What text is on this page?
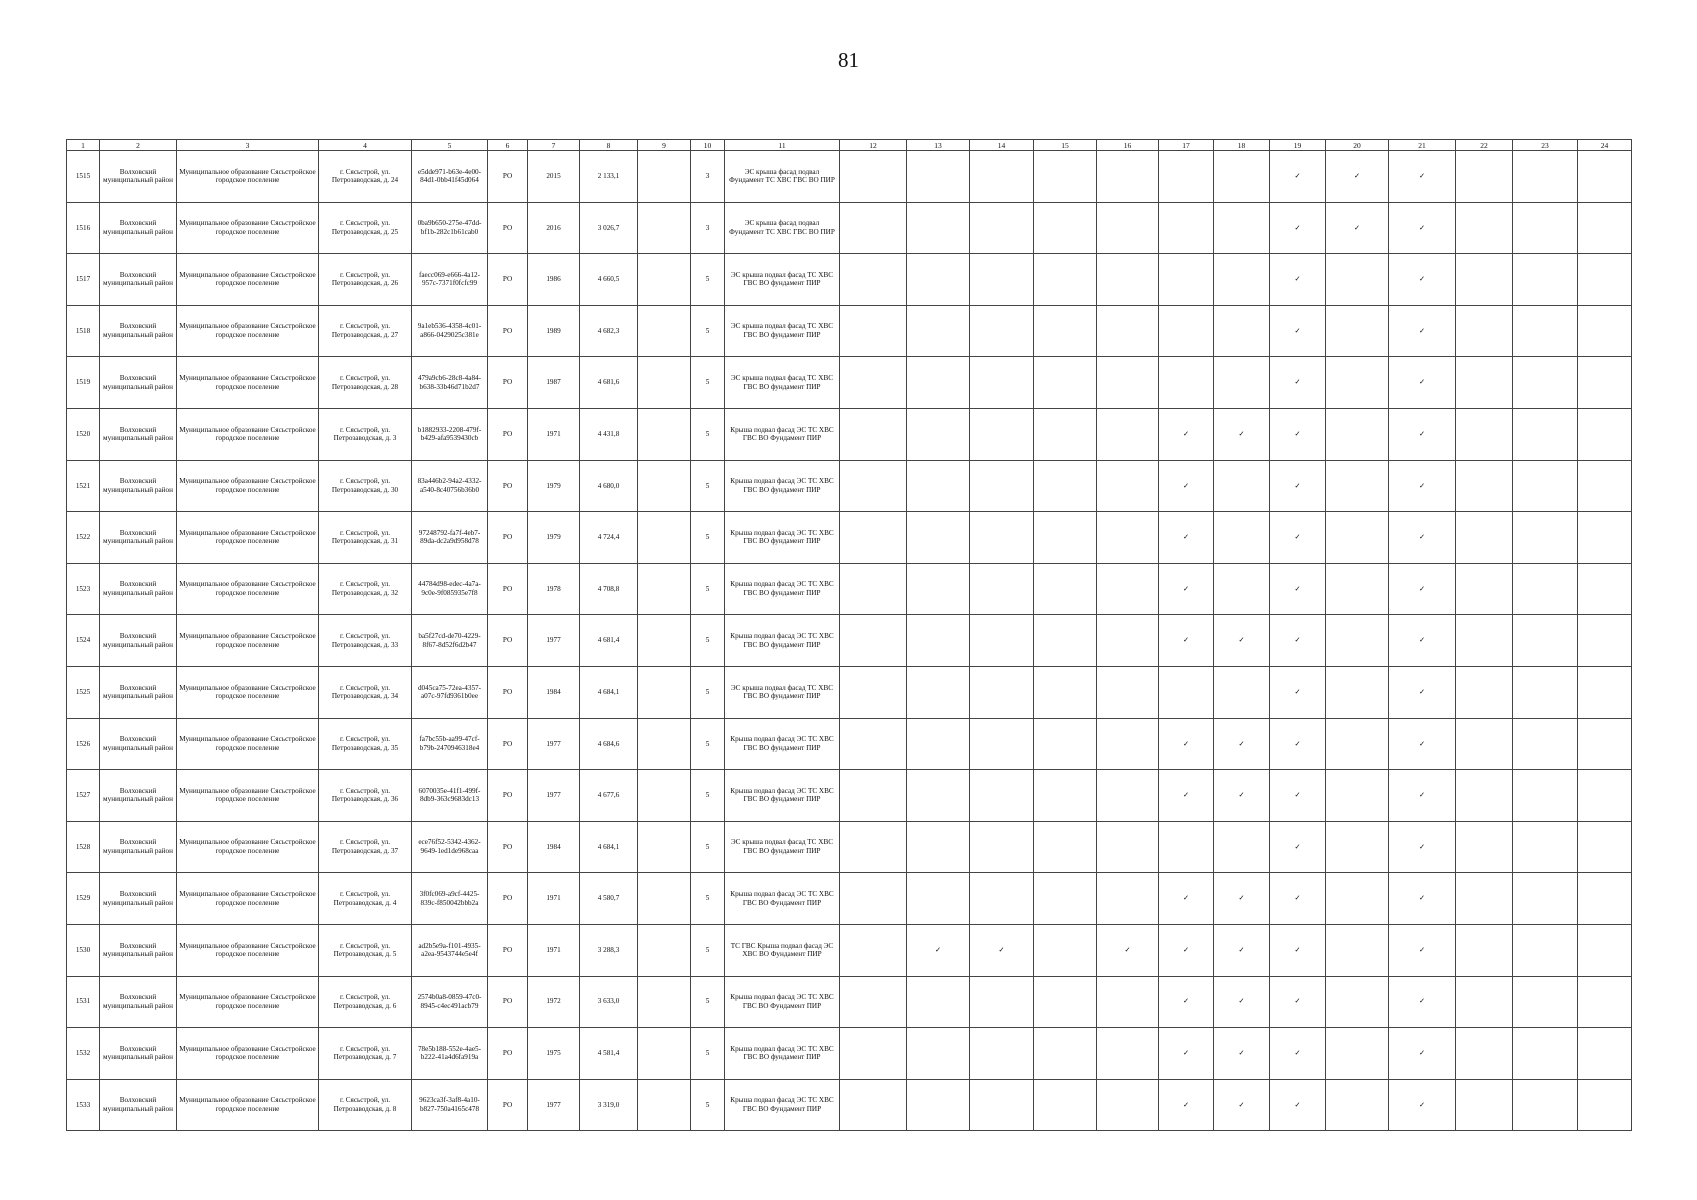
81
1	2	3	4	5	6	7	8	9	10	11	12	13	14	15	16	17	18	19	20	21	22	23	24
1515	Волховский муниципальный район	Муниципальное образование Сясьстройское городское поселение	г. Сясьстрой, ул. Петрозаводская, д. 24	e5dde971-b63e-4e00-84d1-0bb41f45d064	РО	2015	2 133,1		3	ЭС крыша фасад подвал Фундамент ТС ХВС ГВС ВО ПИР								✓	✓	✓			
1516	Волховский муниципальный район	Муниципальное образование Сясьстройское городское поселение	г. Сясьстрой, ул. Петрозаводская, д. 25	0ba9b650-275e-47dd-bf1b-282c1b61cab0	РО	2016	3 026,7		3	ЭС крыша фасад подвал Фундамент ТС ХВС ГВС ВО ПИР								✓	✓	✓			
1517	Волховский муниципальный район	Муниципальное образование Сясьстройское городское поселение	г. Сясьстрой, ул. Петрозаводская, д. 26	faecc069-e666-4a12-957c-7371f0fcfc99	РО	1986	4 660,5		5	ЭС крыша подвал фасад ТС ХВС ГВС ВО фундамент ПИР								✓		✓			
1518	Волховский муниципальный район	Муниципальное образование Сясьстройское городское поселение	г. Сясьстрой, ул. Петрозаводская, д. 27	9a1eb536-4358-4c01-a866-0429025c381e	РО	1989	4 682,3		5	ЭС крыша подвал фасад ТС ХВС ГВС ВО фундамент ПИР								✓		✓			
1519	Волховский муниципальный район	Муниципальное образование Сясьстройское городское поселение	г. Сясьстрой, ул. Петрозаводская, д. 28	479a9cb6-28c8-4a84-b638-33b46d71b2d7	РО	1987	4 681,6		5	ЭС крыша подвал фасад ТС ХВС ГВС ВО фундамент ПИР								✓		✓			
1520	Волховский муниципальный район	Муниципальное образование Сясьстройское городское поселение	г. Сясьстрой, ул. Петрозаводская, д. 3	b1882933-2208-479f-b429-afa9539430cb	РО	1971	4 431,8		5	Крыша подвал фасад ЭС ТС ХВС ГВС ВО Фундамент ПИР						✓	✓	✓		✓			
1521	Волховский муниципальный район	Муниципальное образование Сясьстройское городское поселение	г. Сясьстрой, ул. Петрозаводская, д. 30	83a446b2-94a2-4332-a540-8c40756b36b0	РО	1979	4 680,0		5	Крыша подвал фасад ЭС ТС ХВС ГВС ВО фундамент ПИР						✓		✓		✓			
1522	Волховский муниципальный район	Муниципальное образование Сясьстройское городское поселение	г. Сясьстрой, ул. Петрозаводская, д. 31	97248792-fa7f-4eb7-89da-dc2a9d958d78	РО	1979	4 724,4		5	Крыша подвал фасад ЭС ТС ХВС ГВС ВО фундамент ПИР						✓		✓		✓			
1523	Волховский муниципальный район	Муниципальное образование Сясьстройское городское поселение	г. Сясьстрой, ул. Петрозаводская, д. 32	44784d98-edec-4a7a-9c0e-9f085935e7f8	РО	1978	4 708,8		5	Крыша подвал фасад ЭС ТС ХВС ГВС ВО фундамент ПИР						✓		✓		✓			
1524	Волховский муниципальный район	Муниципальное образование Сясьстройское городское поселение	г. Сясьстрой, ул. Петрозаводская, д. 33	ba5f27cd-de70-4229-8f67-8d52f6d2b47	РО	1977	4 681,4		5	Крыша подвал фасад ЭС ТС ХВС ГВС ВО фундамент ПИР						✓	✓	✓		✓			
1525	Волховский муниципальный район	Муниципальное образование Сясьстройское городское поселение	г. Сясьстрой, ул. Петрозаводская, д. 34	d045ca75-72ea-4357-a07c-97fd9361b0ee	РО	1984	4 684,1		5	ЭС крыша подвал фасад ТС ХВС ГВС ВО фундамент ПИР								✓		✓			
1526	Волховский муниципальный район	Муниципальное образование Сясьстройское городское поселение	г. Сясьстрой, ул. Петрозаводская, д. 35	fa7bc55b-aa99-47cf-b79b-2470946318e4	РО	1977	4 684,6		5	Крыша подвал фасад ЭС ТС ХВС ГВС ВО фундамент ПИР						✓	✓	✓		✓			
1527	Волховский муниципальный район	Муниципальное образование Сясьстройское городское поселение	г. Сясьстрой, ул. Петрозаводская, д. 36	6070035e-41f1-499f-8db9-363c9683dc13	РО	1977	4 677,6		5	Крыша подвал фасад ЭС ТС ХВС ГВС ВО фундамент ПИР						✓	✓	✓		✓			
1528	Волховский муниципальный район	Муниципальное образование Сясьстройское городское поселение	г. Сясьстрой, ул. Петрозаводская, д. 37	ece76f52-5342-4362-9649-1ed1de968caa	РО	1984	4 684,1		5	ЭС крыша подвал фасад ТС ХВС ГВС ВО фундамент ПИР								✓		✓			
1529	Волховский муниципальный район	Муниципальное образование Сясьстройское городское поселение	г. Сясьстрой, ул. Петрозаводская, д. 4	3f0fc069-a9cf-4425-839c-f850042bbb2a	РО	1971	4 580,7		5	Крыша подвал фасад ЭС ТС ХВС ГВС ВО Фундамент ПИР						✓	✓	✓		✓			
1530	Волховский муниципальный район	Муниципальное образование Сясьстройское городское поселение	г. Сясьстрой, ул. Петрозаводская, д. 5	ad2b5e9a-f101-4935-a2ea-9543744e5e4f	РО	1971	3 288,3		5	ТС ГВС Крыша подвал фасад ЭС ХВС ВО Фундамент ПИР		✓	✓		✓	✓	✓	✓		✓			
1531	Волховский муниципальный район	Муниципальное образование Сясьстройское городское поселение	г. Сясьстрой, ул. Петрозаводская, д. 6	2574b0a8-0859-47c0-8945-c4ec491acb79	РО	1972	3 633,0		5	Крыша подвал фасад ЭС ТС ХВС ГВС ВО Фундамент ПИР						✓	✓	✓		✓			
1532	Волховский муниципальный район	Муниципальное образование Сясьстройское городское поселение	г. Сясьстрой, ул. Петрозаводская, д. 7	78e5b188-552e-4ae5-b222-41a4d6fa919a	РО	1975	4 581,4		5	Крыша подвал фасад ЭС ТС ХВС ГВС ВО фундамент ПИР						✓	✓	✓		✓			
1533	Волховский муниципальный район	Муниципальное образование Сясьстройское городское поселение	г. Сясьстрой, ул. Петрозаводская, д. 8	9623ca3f-3af8-4a10-b827-750a4165c478	РО	1977	3 319,0		5	Крыша подвал фасад ЭС ТС ХВС ГВС ВО Фундамент ПИР						✓	✓	✓		✓			
